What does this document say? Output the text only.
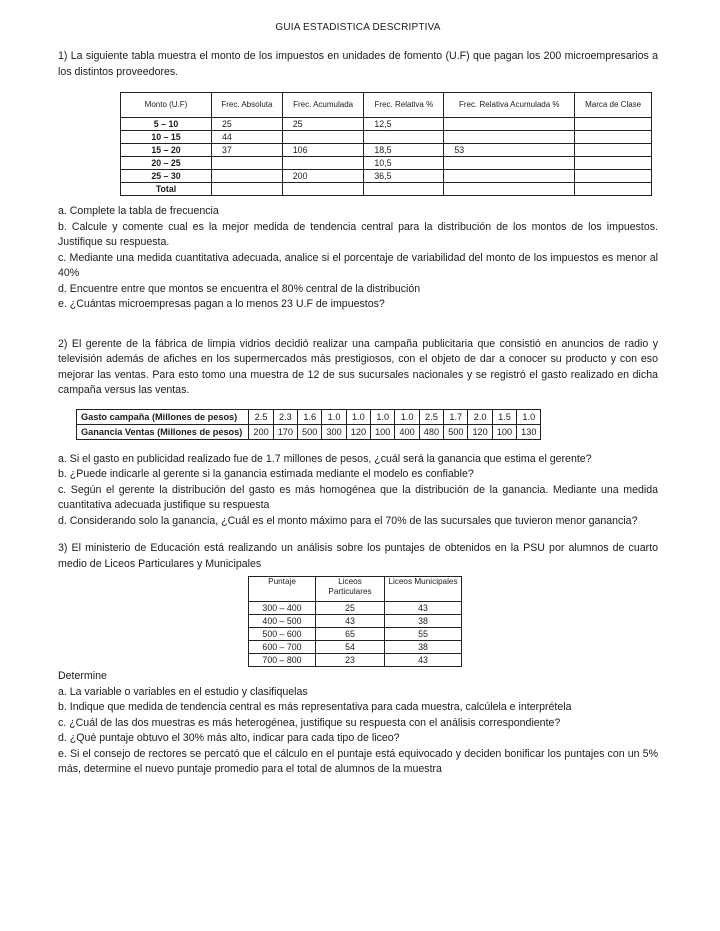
GUIA ESTADISTICA DESCRIPTIVA

1) La siguiente tabla muestra el monto de los impuestos en unidades de fomento (U.F) que pagan los 200 microempresarios a los distintos proveedores.

Monto (U.F)	Frec. Absoluta	Frec. Acumulada	Frec. Relativa %	Frec. Relativa Acumulada %	Marca de Clase
5 – 10	25	25	12,5		
10 – 15	44				
15 – 20	37	106	18,5	53	
20 – 25			10,5		
25 – 30		200	36,5		
Total					

a. Complete la tabla de frecuencia

b. Calcule y comente cual es la mejor medida de tendencia central para la distribución de los montos de los impuestos. Justifique su respuesta.

c. Mediante una medida cuantitativa adecuada, analice si el porcentaje de variabilidad del monto de los impuestos es menor al 40%

d. Encuentre entre que montos se encuentra el 80% central de la distribución

e. ¿Cuántas microempresas pagan a lo menos 23 U.F de impuestos?

2) El gerente de la fábrica de limpia vidrios decidió realizar una campaña publicitaria que consistió en anuncios de radio y televisión además de afiches en los supermercados más prestigiosos, con el objeto de dar a conocer su producto y con eso mejorar las ventas. Para esto tomo una muestra de 12 de sus sucursales nacionales y se registró el gasto realizado en dicha campaña versus las ventas.

Gasto campaña (Millones de pesos)	2.5	2.3	1.6	1.0	1.0	1.0	1.0	2.5	1.7	2.0	1.5	1.0
Ganancia Ventas (Millones de pesos)	200	170	500	300	120	100	400	480	500	120	100	130

a. Si el gasto en publicidad realizado fue de 1.7 millones de pesos, ¿cuál será la ganancia que estima el gerente?

b. ¿Puede indicarle al gerente si la ganancia estimada mediante el modelo es confiable?

c. Según el gerente la distribución del gasto es más homogénea que la distribución de la ganancia. Mediante una medida cuantitativa adecuada justifique su respuesta

d. Considerando solo la ganancia, ¿Cuál es el monto máximo para el 70% de las sucursales que tuvieron menor ganancia?

3) El ministerio de Educación está realizando un análisis sobre los puntajes de obtenidos en la PSU por alumnos de cuarto medio de Liceos Particulares y Municipales

Puntaje	Liceos Particulares	Liceos Municipales
300 – 400	25	43
400 – 500	43	38
500 – 600	65	55
600 – 700	54	38
700 – 800	23	43

Determine

a. La variable o variables en el estudio y clasifiquelas

b. Indique que medida de tendencia central es más representativa para cada muestra, calcúlela e interprétela

c. ¿Cuál de las dos muestras es más heterogénea, justifique su respuesta con el análisis correspondiente?

d. ¿Qué puntaje obtuvo el 30% más alto, indicar para cada tipo de liceo?

e. Si el consejo de rectores se percató que el cálculo en el puntaje está equivocado y deciden bonificar los puntajes con un 5% más, determine el nuevo puntaje promedio para el total de alumnos de la muestra
